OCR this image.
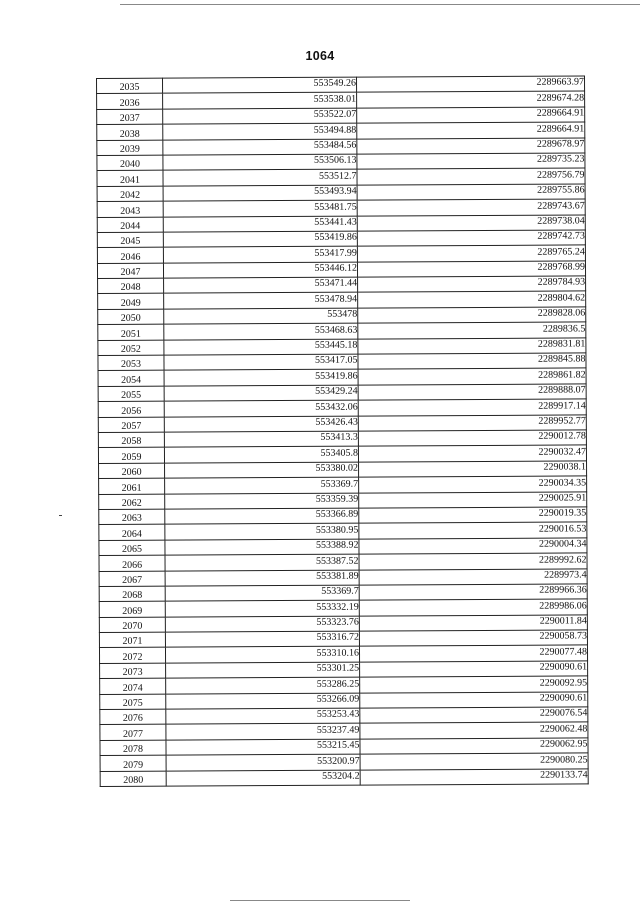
1064
2035	553549.26	2289663.97
2036	553538.01	2289674.28
2037	553522.07	2289664.91
2038	553494.88	2289664.91
2039	553484.56	2289678.97
2040	553506.13	2289735.23
2041	553512.7	2289756.79
2042	553493.94	2289755.86
2043	553481.75	2289743.67
2044	553441.43	2289738.04
2045	553419.86	2289742.73
2046	553417.99	2289765.24
2047	553446.12	2289768.99
2048	553471.44	2289784.93
2049	553478.94	2289804.62
2050	553478	2289828.06
2051	553468.63	2289836.5
2052	553445.18	2289831.81
2053	553417.05	2289845.88
2054	553419.86	2289861.82
2055	553429.24	2289888.07
2056	553432.06	2289917.14
2057	553426.43	2289952.77
2058	553413.3	2290012.78
2059	553405.8	2290032.47
2060	553380.02	2290038.1
2061	553369.7	2290034.35
2062	553359.39	2290025.91
2063	553366.89	2290019.35
2064	553380.95	2290016.53
2065	553388.92	2290004.34
2066	553387.52	2289992.62
2067	553381.89	2289973.4
2068	553369.7	2289966.36
2069	553332.19	2289986.06
2070	553323.76	2290011.84
2071	553316.72	2290058.73
2072	553310.16	2290077.48
2073	553301.25	2290090.61
2074	553286.25	2290092.95
2075	553266.09	2290090.61
2076	553253.43	2290076.54
2077	553237.49	2290062.48
2078	553215.45	2290062.95
2079	553200.97	2290080.25
2080	553204.2	2290133.74
